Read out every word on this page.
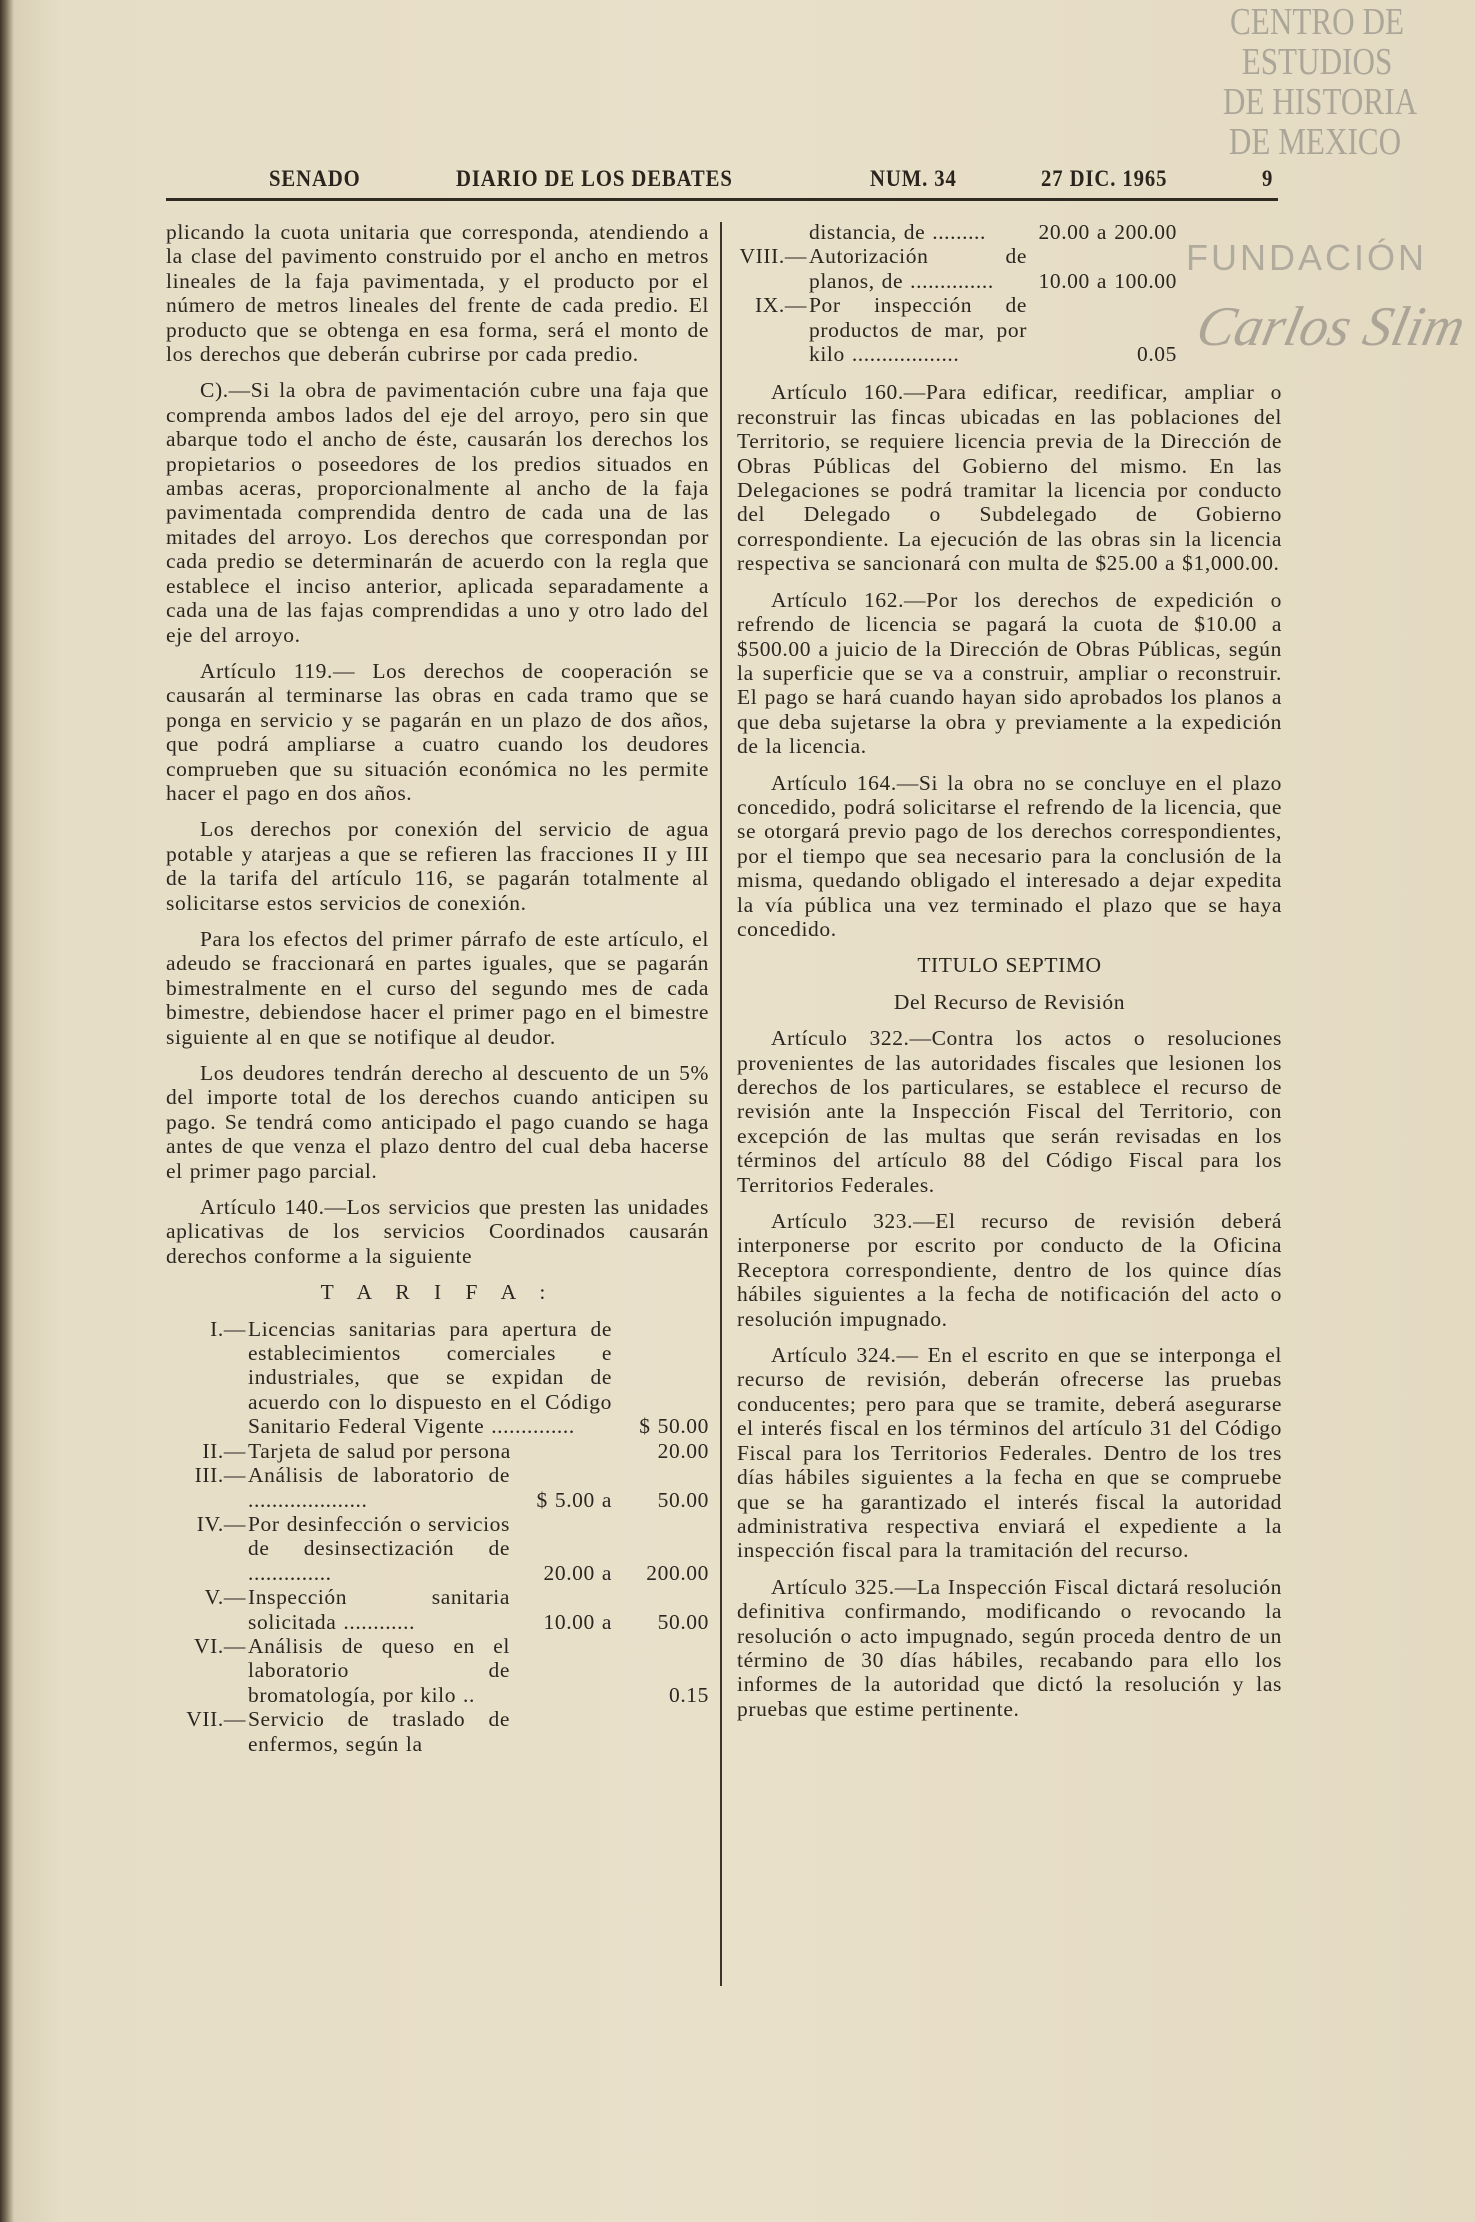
CENTRO DE
ESTUDIOS
DE HISTORIA
DE MEXICO
FUNDACIÓN
Carlos Slim
SENADO	DIARIO DE LOS DEBATES	NUM. 34	27 DIC. 1965	9

plicando la cuota unitaria que corresponda, atendiendo a la clase del pavimento construido por el ancho en metros lineales de la faja pavimentada, y el producto por el número de metros lineales del frente de cada predio. El producto que se obtenga en esa forma, será el monto de los derechos que deberán cubrirse por cada predio.

C).—Si la obra de pavimentación cubre una faja que comprenda ambos lados del eje del arroyo, pero sin que abarque todo el ancho de éste, causarán los derechos los propietarios o poseedores de los predios situados en ambas aceras, proporcionalmente al ancho de la faja pavimentada comprendida dentro de cada una de las mitades del arroyo. Los derechos que correspondan por cada predio se determinarán de acuerdo con la regla que establece el inciso anterior, aplicada separadamente a cada una de las fajas comprendidas a uno y otro lado del eje del arroyo.

Artículo 119.— Los derechos de cooperación se causarán al terminarse las obras en cada tramo que se ponga en servicio y se pagarán en un plazo de dos años, que podrá ampliarse a cuatro cuando los deudores comprueben que su situación económica no les permite hacer el pago en dos años.

Los derechos por conexión del servicio de agua potable y atarjeas a que se refieren las fracciones II y III de la tarifa del artículo 116, se pagarán totalmente al solicitarse estos servicios de conexión.

Para los efectos del primer párrafo de este artículo, el adeudo se fraccionará en partes iguales, que se pagarán bimestralmente en el curso del segundo mes de cada bimestre, debiendose hacer el primer pago en el bimestre siguiente al en que se notifique al deudor.

Los deudores tendrán derecho al descuento de un 5% del importe total de los derechos cuando anticipen su pago. Se tendrá como anticipado el pago cuando se haga antes de que venza el plazo dentro del cual deba hacerse el primer pago parcial.

Artículo 140.—Los servicios que presten las unidades aplicativas de los servicios Coordinados causarán derechos conforme a la siguiente

T A R I F A :
I.— Licencias sanitarias para apertura de establecimientos comerciales e industriales, que se expidan de acuerdo con lo dispuesto en el Código Sanitario Federal Vigente ..............	$ 50.00
II.— Tarjeta de salud por persona	20.00
III.— Análisis de laboratorio de ....................	$ 5.00 a	50.00
IV.— Por desinfección o servicios de desinsectización de ..............	20.00 a	200.00
V.— Inspección sanitaria solicitada ............	10.00 a	50.00
VI.— Análisis de queso en el laboratorio de bromatología, por kilo ..	0.15
VII.— Servicio de traslado de enfermos, según la
distancia, de .........	20.00 a 200.00
VIII.— Autorización de planos, de ..............	10.00 a 100.00
IX.— Por inspección de productos de mar, por kilo ..................	0.05

Artículo 160.—Para edificar, reedificar, ampliar o reconstruir las fincas ubicadas en las poblaciones del Territorio, se requiere licencia previa de la Dirección de Obras Públicas del Gobierno del mismo. En las Delegaciones se podrá tramitar la licencia por conducto del Delegado o Subdelegado de Gobierno correspondiente. La ejecución de las obras sin la licencia respectiva se sancionará con multa de $25.00 a $1,000.00.

Artículo 162.—Por los derechos de expedición o refrendo de licencia se pagará la cuota de $10.00 a $500.00 a juicio de la Dirección de Obras Públicas, según la superficie que se va a construir, ampliar o reconstruir. El pago se hará cuando hayan sido aprobados los planos a que deba sujetarse la obra y previamente a la expedición de la licencia.

Artículo 164.—Si la obra no se concluye en el plazo concedido, podrá solicitarse el refrendo de la licencia, que se otorgará previo pago de los derechos correspondientes, por el tiempo que sea necesario para la conclusión de la misma, quedando obligado el interesado a dejar expedita la vía pública una vez terminado el plazo que se haya concedido.

TITULO SEPTIMO
Del Recurso de Revisión

Artículo 322.—Contra los actos o resoluciones provenientes de las autoridades fiscales que lesionen los derechos de los particulares, se establece el recurso de revisión ante la Inspección Fiscal del Territorio, con excepción de las multas que serán revisadas en los términos del artículo 88 del Código Fiscal para los Territorios Federales.

Artículo 323.—El recurso de revisión deberá interponerse por escrito por conducto de la Oficina Receptora correspondiente, dentro de los quince días hábiles siguientes a la fecha de notificación del acto o resolución impugnado.

Artículo 324.— En el escrito en que se interponga el recurso de revisión, deberán ofrecerse las pruebas conducentes; pero para que se tramite, deberá asegurarse el interés fiscal en los términos del artículo 31 del Código Fiscal para los Territorios Federales. Dentro de los tres días hábiles siguientes a la fecha en que se compruebe que se ha garantizado el interés fiscal la autoridad administrativa respectiva enviará el expediente a la inspección fiscal para la tramitación del recurso.

Artículo 325.—La Inspección Fiscal dictará resolución definitiva confirmando, modificando o revocando la resolución o acto impugnado, según proceda dentro de un término de 30 días hábiles, recabando para ello los informes de la autoridad que dictó la resolución y las pruebas que estime pertinente.
